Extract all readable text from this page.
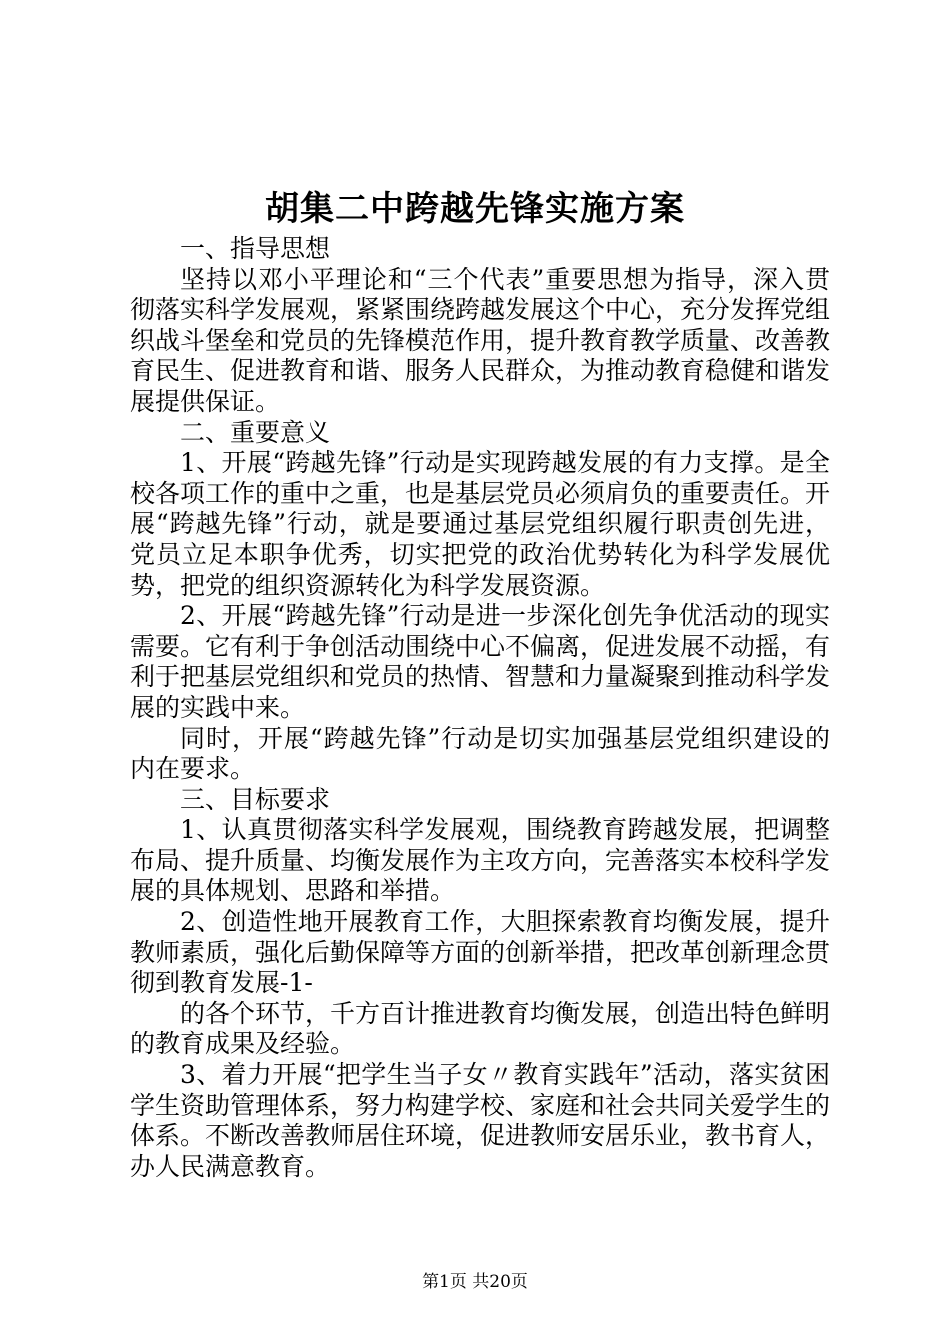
胡集二中跨越先锋实施方案

一、指导思想

坚持以邓小平理论和“三个代表”重要思想为指导，深入贯彻落实科学发展观，紧紧围绕跨越发展这个中心，充分发挥党组织战斗堡垒和党员的先锋模范作用，提升教育教学质量、改善教育民生、促进教育和谐、服务人民群众，为推动教育稳健和谐发展提供保证。

二、重要意义

1、开展“跨越先锋”行动是实现跨越发展的有力支撑。是全校各项工作的重中之重，也是基层党员必须肩负的重要责任。开展“跨越先锋”行动，就是要通过基层党组织履行职责创先进，党员立足本职争优秀，切实把党的政治优势转化为科学发展优势，把党的组织资源转化为科学发展资源。

2、开展“跨越先锋”行动是进一步深化创先争优活动的现实需要。它有利于争创活动围绕中心不偏离，促进发展不动摇，有利于把基层党组织和党员的热情、智慧和力量凝聚到推动科学发展的实践中来。

同时，开展“跨越先锋”行动是切实加强基层党组织建设的内在要求。

三、目标要求

1、认真贯彻落实科学发展观，围绕教育跨越发展，把调整布局、提升质量、均衡发展作为主攻方向，完善落实本校科学发展的具体规划、思路和举措。

2、创造性地开展教育工作，大胆探索教育均衡发展，提升教师素质，强化后勤保障等方面的创新举措，把改革创新理念贯彻到教育发展-1-

的各个环节，千方百计推进教育均衡发展，创造出特色鲜明的教育成果及经验。

3、着力开展“把学生当子女〃教育实践年”活动，落实贫困学生资助管理体系，努力构建学校、家庭和社会共同关爱学生的体系。不断改善教师居住环境，促进教师安居乐业，教书育人，办人民满意教育。

第1页 共20页
